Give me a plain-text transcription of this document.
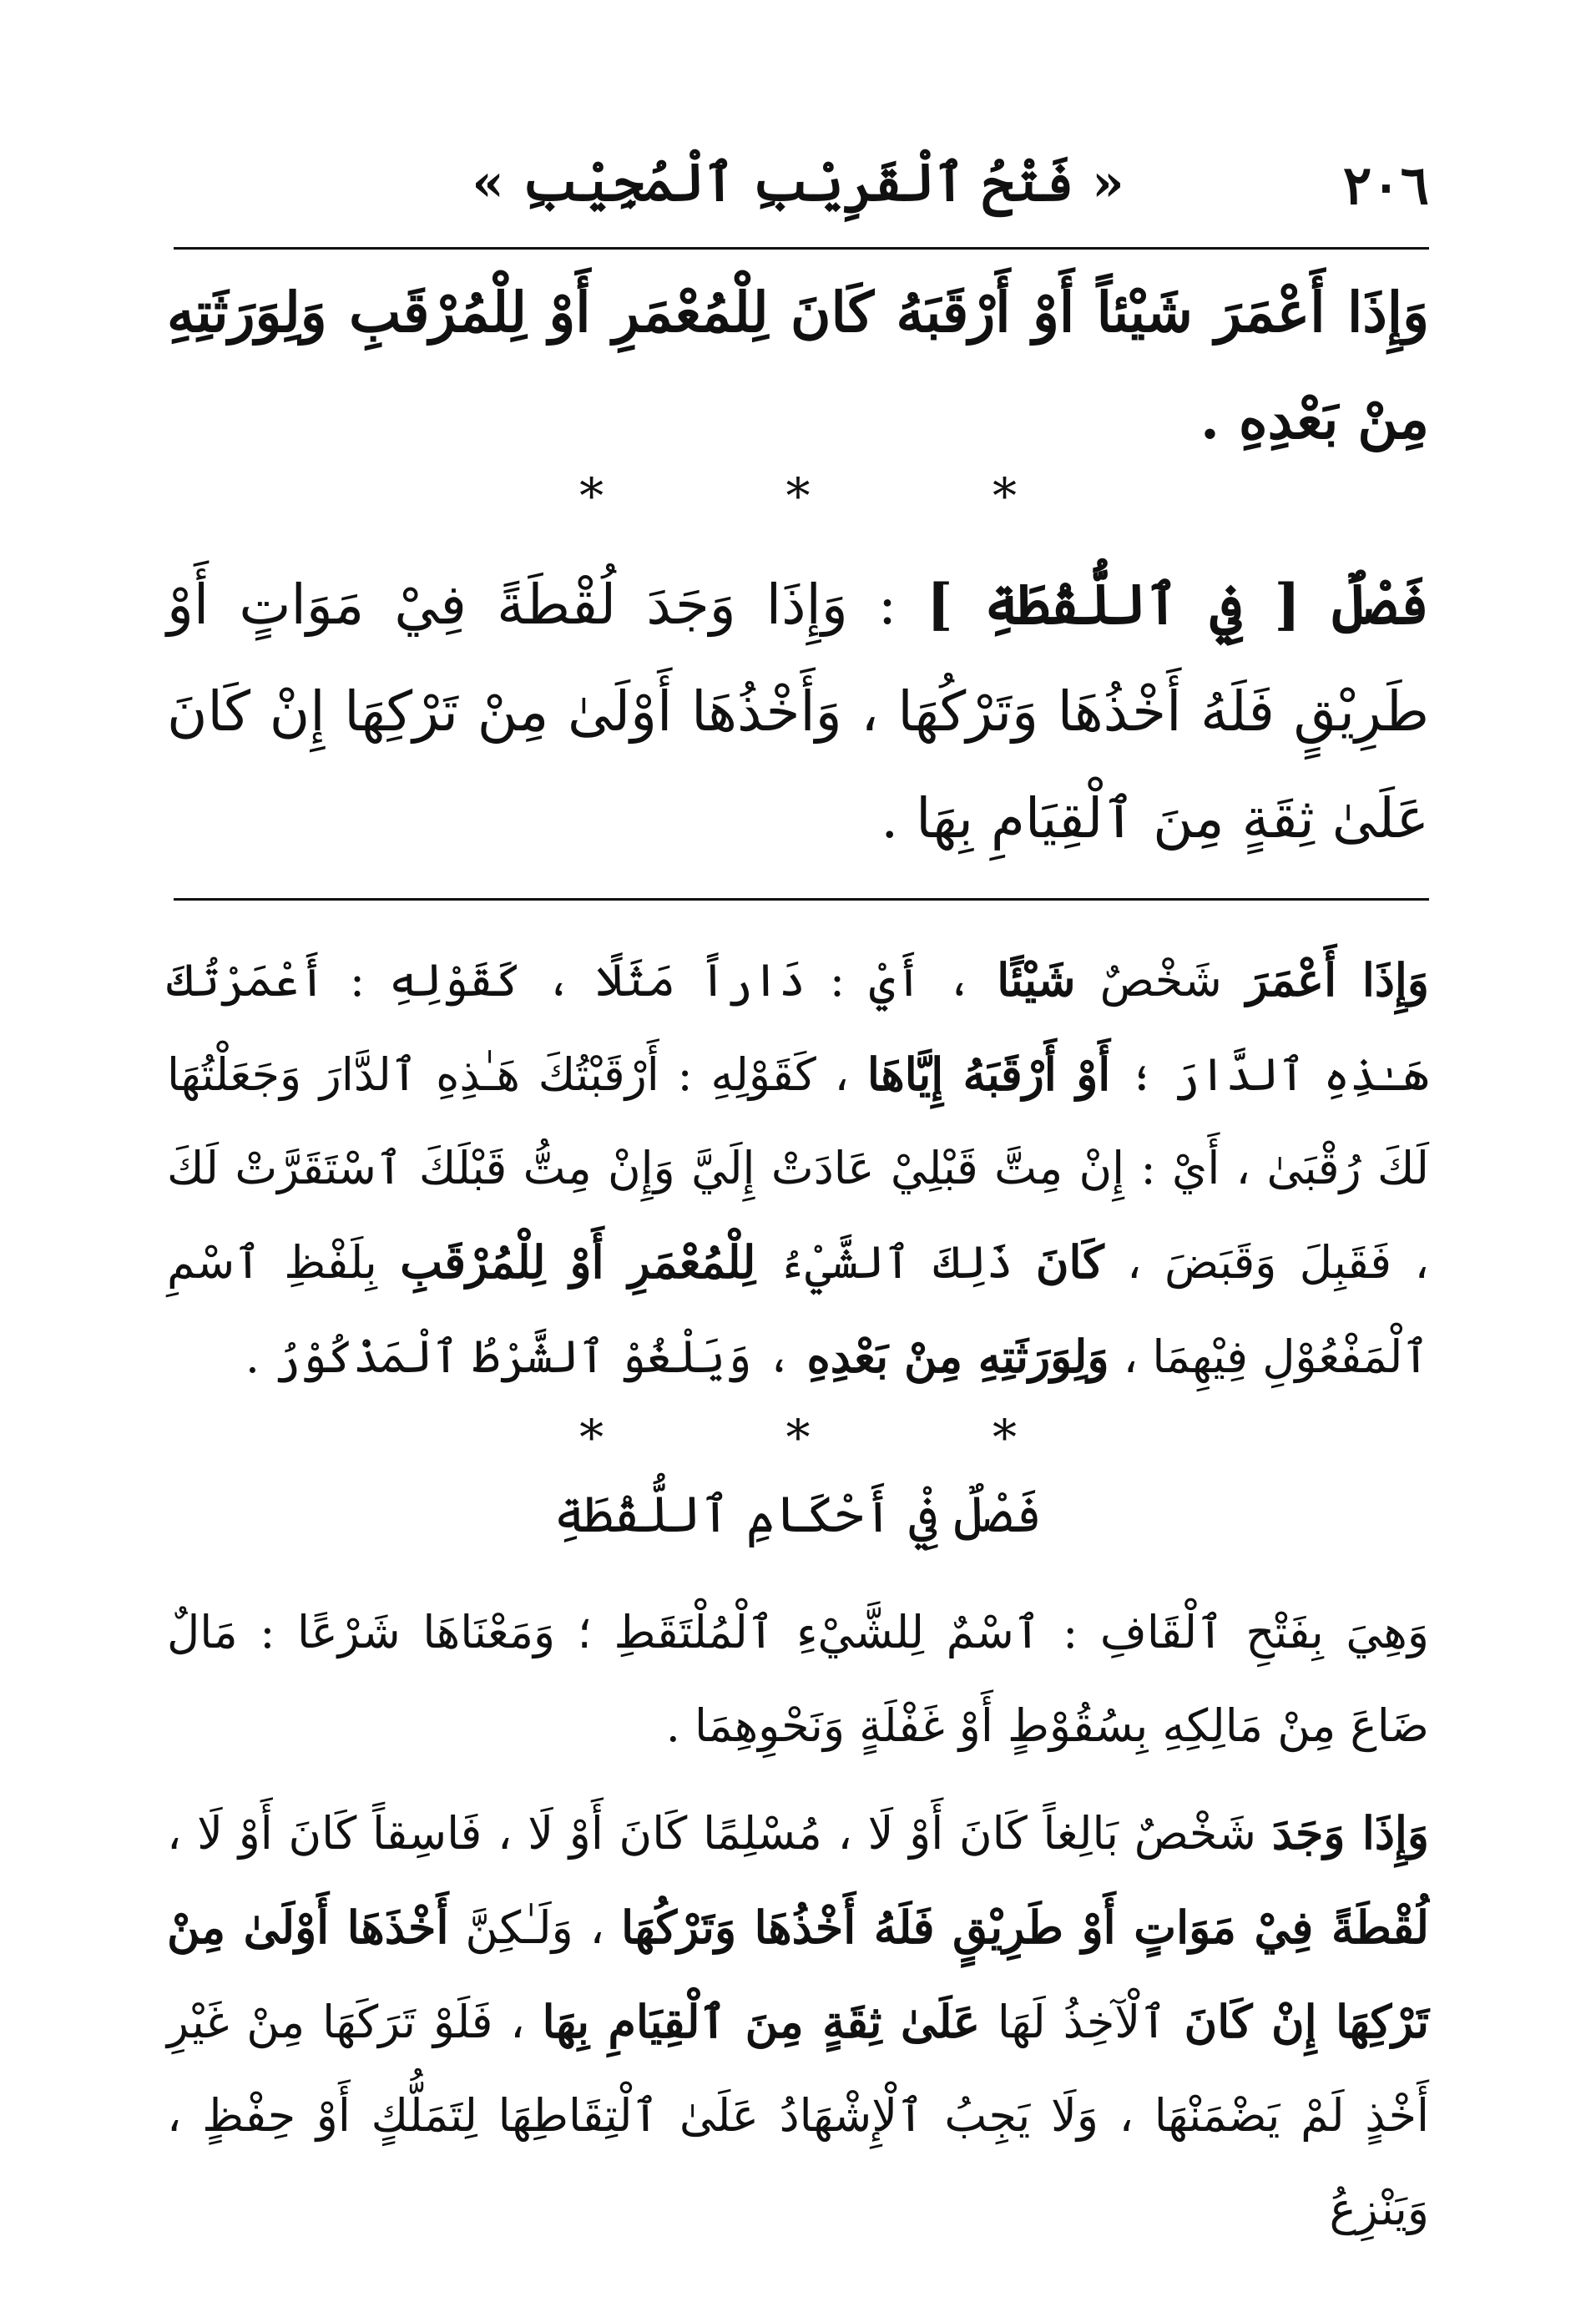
٢٠٦
« فَتْحُ ٱلْقَرِيْبِ ٱلْمُجِيْبِ »
وَإِذَا أَعْمَرَ شَيْئاً أَوْ أَرْقَبَهُ كَانَ لِلْمُعْمَرِ أَوْ لِلْمُرْقَبِ وَلِوَرَثَتِهِ مِنْ بَعْدِهِ .
*	*	*
فَصْلٌ [ فِي ٱللُّقْطَةِ ] : وَإِذَا وَجَدَ لُقْطَةً فِيْ مَوَاتٍ أَوْ طَرِيْقٍ فَلَهُ أَخْذُهَا وَتَرْكُهَا ، وَأَخْذُهَا أَوْلَىٰ مِنْ تَرْكِهَا إِنْ كَانَ عَلَىٰ ثِقَةٍ مِنَ ٱلْقِيَامِ بِهَا .
وَإِذَا أَعْمَرَ شَخْصٌ شَيْئًا ، أَيْ : دَاراً مَثَلًا ، كَقَوْلِهِ : أَعْمَرْتُكَ هَـٰذِهِ ٱلدَّارَ ؛ أَوْ أَرْقَبَهُ إِيَّاهَا ، كَقَوْلِهِ : أَرْقَبْتُكَ هَـٰذِهِ ٱلدَّارَ وَجَعَلْتُهَا لَكَ رُقْبَىٰ ، أَيْ : إِنْ مِتَّ قَبْلِيْ عَادَتْ إِلَيَّ وَإِنْ مِتُّ قَبْلَكَ ٱسْتَقَرَّتْ لَكَ ، فَقَبِلَ وَقَبَضَ ، كَانَ ذَلِكَ ٱلشَّيْءُ لِلْمُعْمَرِ أَوْ لِلْمُرْقَبِ بِلَفْظِ ٱسْمِ ٱلْمَفْعُوْلِ فِيْهِمَا ، وَلِوَرَثَتِهِ مِنْ بَعْدِهِ ، وَيَلْغُوْ ٱلشَّرْطُ ٱلْمَذْكُوْرُ .
*	*	*
فَصْلٌ فِيْ أَحْكَامِ ٱللُّقْطَةِ
وَهِيَ بِفَتْحِ ٱلْقَافِ : ٱسْمٌ لِلشَّيْءِ ٱلْمُلْتَقَطِ ؛ وَمَعْنَاهَا شَرْعًا : مَالٌ ضَاعَ مِنْ مَالِكِهِ بِسُقُوْطٍ أَوْ غَفْلَةٍ وَنَحْوِهِمَا .
وَإِذَا وَجَدَ شَخْصٌ بَالِغاً كَانَ أَوْ لَا ، مُسْلِمًا كَانَ أَوْ لَا ، فَاسِقاً كَانَ أَوْ لَا ، لُقْطَةً فِيْ مَوَاتٍ أَوْ طَرِيْقٍ فَلَهُ أَخْذُهَا وَتَرْكُهَا ، وَلَـٰكِنَّ أَخْذَهَا أَوْلَىٰ مِنْ تَرْكِهَا إِنْ كَانَ ٱلْآخِذُ لَهَا عَلَىٰ ثِقَةٍ مِنَ ٱلْقِيَامِ بِهَا ، فَلَوْ تَرَكَهَا مِنْ غَيْرِ أَخْذٍ لَمْ يَضْمَنْهَا ، وَلَا يَجِبُ ٱلْإِشْهَادُ عَلَىٰ ٱلْتِقَاطِهَا لِتَمَلُّكٍ أَوْ حِفْظٍ ، وَيَنْزِعُ
